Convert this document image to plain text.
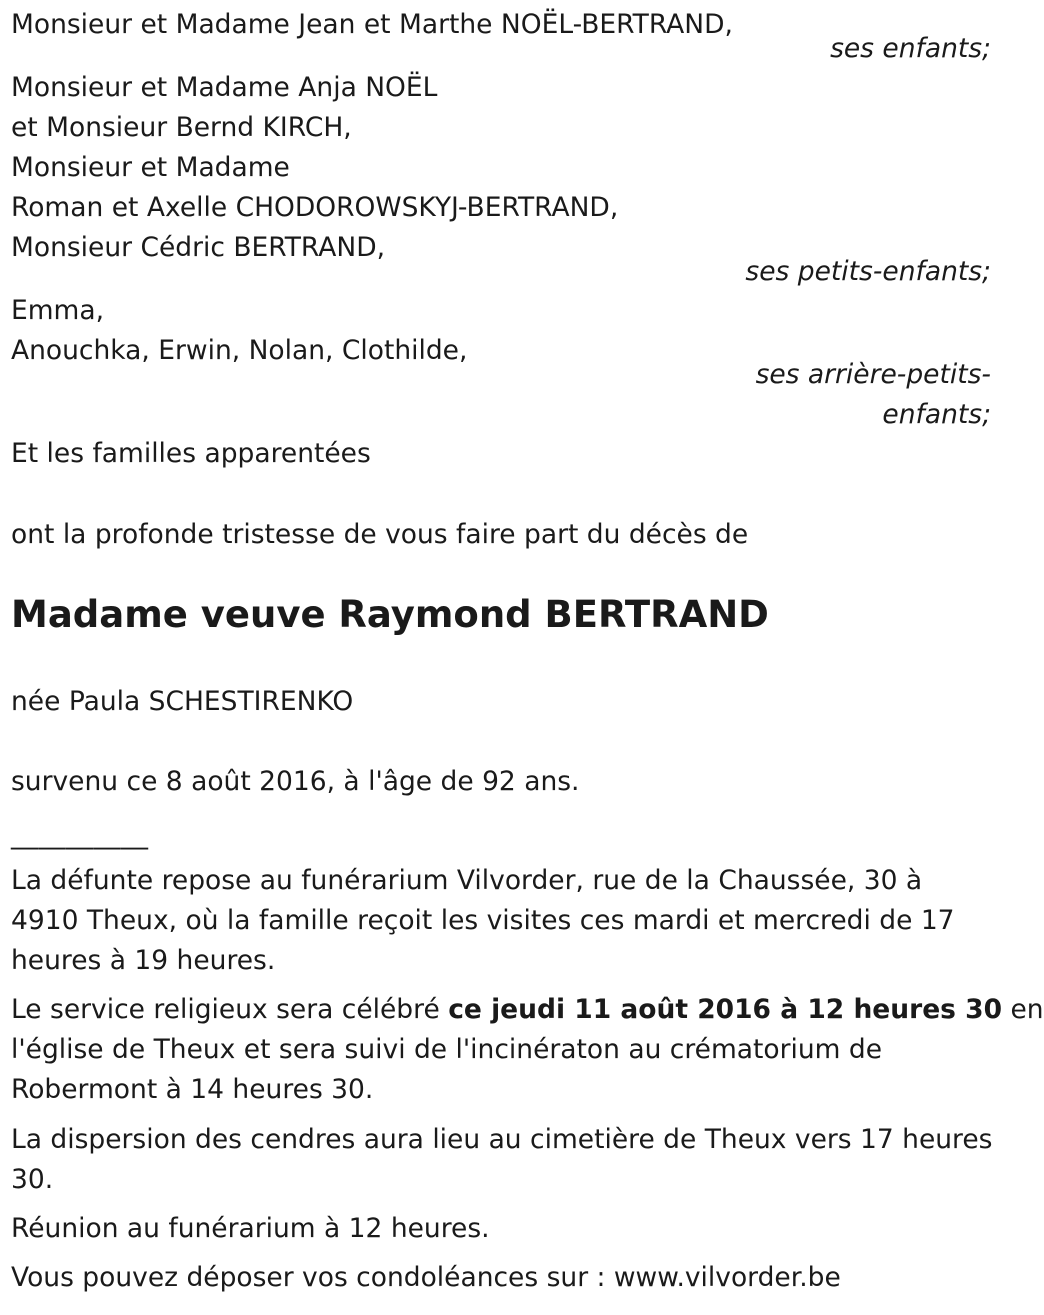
Monsieur et Madame Jean et Marthe NOËL-BERTRAND,
ses enfants;
Monsieur et Madame Anja NOËL
et Monsieur Bernd KIRCH,
Monsieur et Madame
Roman et Axelle CHODOROWSKYJ-BERTRAND,
Monsieur Cédric BERTRAND,
ses petits-enfants;
Emma,
Anouchka, Erwin, Nolan, Clothilde,
ses arrière-petits-
enfants;
Et les familles apparentées
ont la profonde tristesse de vous faire part du décès de
Madame veuve Raymond BERTRAND
née Paula SCHESTIRENKO
survenu ce 8 août 2016, à l'âge de 92 ans.
__________
La défunte repose au funérarium Vilvorder, rue de la Chaussée, 30 à
4910 Theux, où la famille reçoit les visites ces mardi et mercredi de 17
heures à 19 heures.
Le service religieux sera célébré ce jeudi 11 août 2016 à 12 heures 30 en
l'église de Theux et sera suivi de l'incinératon au crématorium de
Robermont à 14 heures 30.
La dispersion des cendres aura lieu au cimetière de Theux vers 17 heures
30.
Réunion au funérarium à 12 heures.
Vous pouvez déposer vos condoléances sur : www.vilvorder.be
